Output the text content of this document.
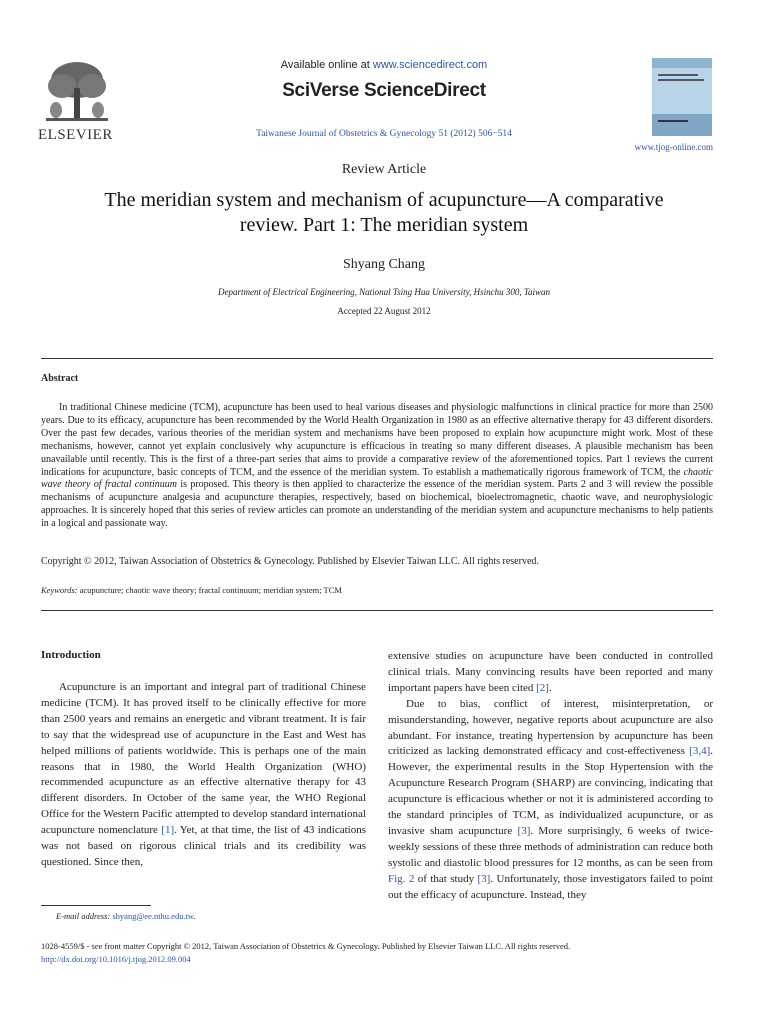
ELSEVIER
Available online at www.sciencedirect.com
SciVerse ScienceDirect
Taiwanese Journal of Obstetrics & Gynecology 51 (2012) 506−514
www.tjog-online.com
Review Article
The meridian system and mechanism of acupuncture—A comparative
review. Part 1: The meridian system
Shyang Chang
Department of Electrical Engineering, National Tsing Hua University, Hsinchu 300, Taiwan
Accepted 22 August 2012
Abstract

In traditional Chinese medicine (TCM), acupuncture has been used to heal various diseases and physiologic malfunctions in clinical practice for more than 2500 years. Due to its efficacy, acupuncture has been recommended by the World Health Organization in 1980 as an effective alternative therapy for 43 different disorders. Over the past few decades, various theories of the meridian system and mechanisms have been proposed to explain how acupuncture might work. Most of these mechanisms, however, cannot yet explain conclusively why acupuncture is efficacious in treating so many different diseases. A plausible mechanism has been unavailable until recently. This is the first of a three-part series that aims to provide a comparative review of the aforementioned topics. Part 1 reviews the current indications for acupuncture, basic concepts of TCM, and the essence of the meridian system. To establish a mathematically rigorous framework of TCM, the chaotic wave theory of fractal continuum is proposed. This theory is then applied to characterize the essence of the meridian system. Parts 2 and 3 will review the possible mechanisms of acupuncture analgesia and acupuncture therapies, respectively, based on biochemical, bioelectromagnetic, chaotic wave, and neurophysiologic approaches. It is sincerely hoped that this series of review articles can promote an understanding of the meridian system and acupuncture mechanisms to help patients in a logical and passionate way.

Copyright © 2012, Taiwan Association of Obstetrics & Gynecology. Published by Elsevier Taiwan LLC. All rights reserved.
Keywords: acupuncture; chaotic wave theory; fractal continuum; meridian system; TCM
Introduction

Acupuncture is an important and integral part of traditional Chinese medicine (TCM). It has proved itself to be clinically effective for more than 2500 years and remains an energetic and vibrant treatment. It is fair to say that the widespread use of acupuncture in the East and West has helped millions of patients worldwide. This is perhaps one of the main reasons that in 1980, the World Health Organization (WHO) recommended acupuncture as an effective alternative therapy for 43 different disorders. In October of the same year, the WHO Regional Office for the Western Pacific attempted to develop standard international acupuncture nomenclature [1]. Yet, at that time, the list of 43 indications was not based on rigorous clinical trials and its credibility was questioned. Since then,

extensive studies on acupuncture have been conducted in controlled clinical trials. Many convincing results have been reported and many important papers have been cited [2].

Due to bias, conflict of interest, misinterpretation, or misunderstanding, however, negative reports about acupuncture are also abundant. For instance, treating hypertension by acupuncture has been criticized as lacking demonstrated efficacy and cost-effectiveness [3,4]. However, the experimental results in the Stop Hypertension with the Acupuncture Research Program (SHARP) are convincing, indicating that acupuncture is efficacious whether or not it is administered according to the standard principles of TCM, as individualized acupuncture, or as invasive sham acupuncture [3]. More surprisingly, 6 weeks of twice-weekly sessions of these three methods of administration can reduce both systolic and diastolic blood pressures for 12 months, as can be seen from Fig. 2 of that study [3]. Unfortunately, those investigators failed to point out the efficacy of acupuncture. Instead, they

E-mail address: shyang@ee.nthu.edu.tw.
1028-4559/$ - see front matter Copyright © 2012, Taiwan Association of Obstetrics & Gynecology. Published by Elsevier Taiwan LLC. All rights reserved.
http://dx.doi.org/10.1016/j.tjog.2012.09.004
